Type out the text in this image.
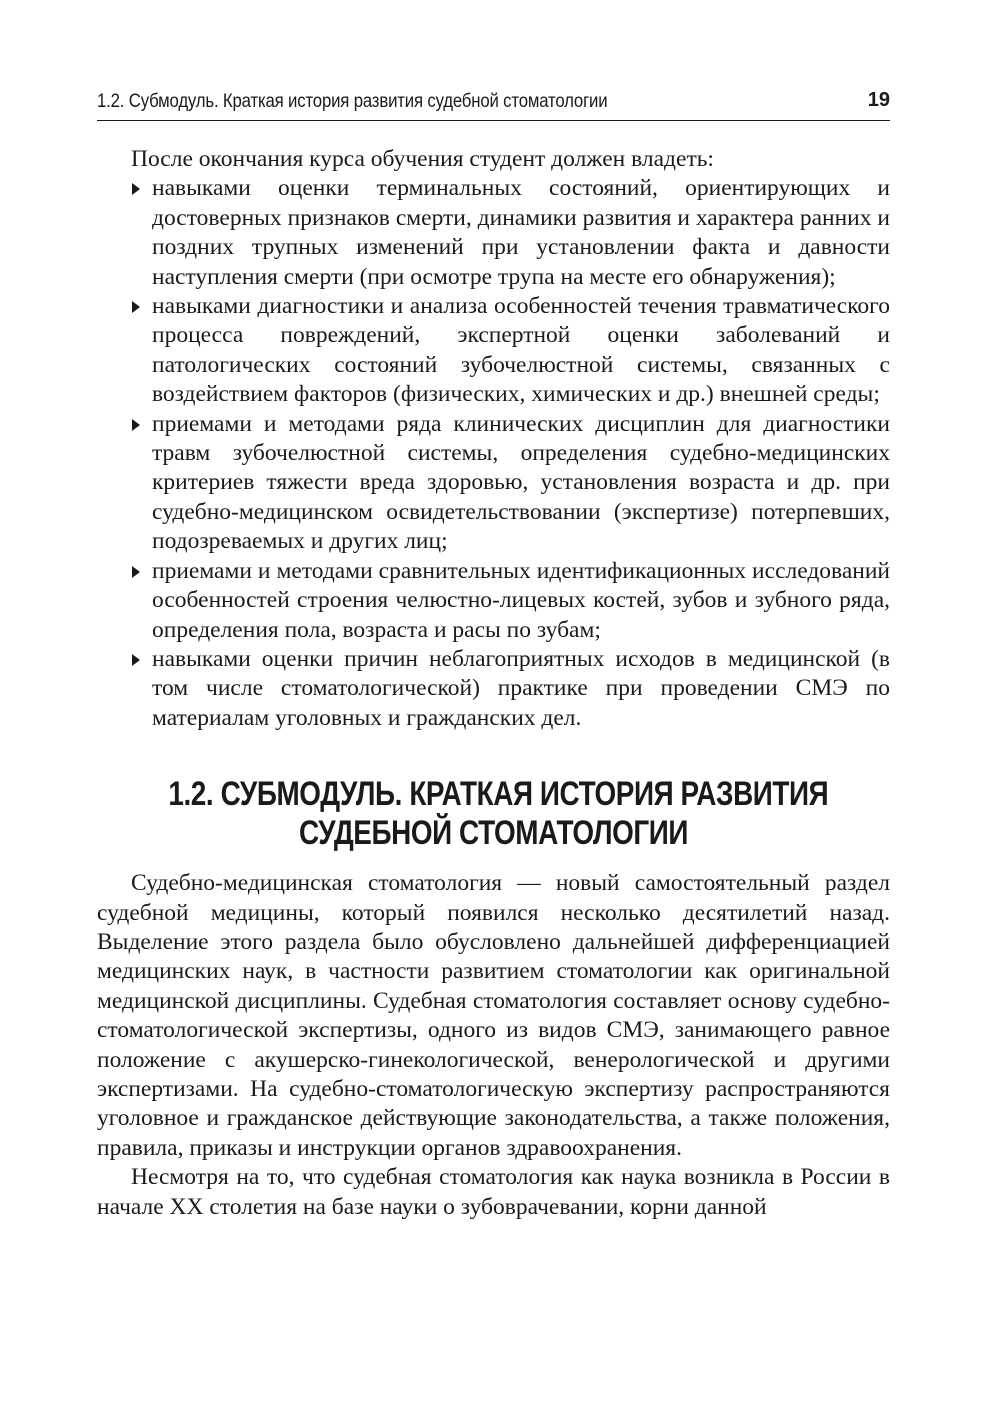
1.2. Субмодуль. Краткая история развития судебной стоматологии	19

После окончания курса обучения студент должен владеть:

навыками оценки терминальных состояний, ориентирующих и достоверных признаков смерти, динамики развития и характера ранних и поздних трупных изменений при установлении факта и давности наступления смерти (при осмотре трупа на месте его обнаружения);
навыками диагностики и анализа особенностей течения травматического процесса повреждений, экспертной оценки заболеваний и патологических состояний зубочелюстной системы, связанных с воздействием факторов (физических, химических и др.) внешней среды;
приемами и методами ряда клинических дисциплин для диагностики травм зубочелюстной системы, определения судебно-медицинских критериев тяжести вреда здоровью, установления возраста и др. при судебно-медицинском освидетельствовании (экспертизе) потерпевших, подозреваемых и других лиц;
приемами и методами сравнительных идентификационных исследований особенностей строения челюстно-лицевых костей, зубов и зубного ряда, определения пола, возраста и расы по зубам;
навыками оценки причин неблагоприятных исходов в медицинской (в том числе стоматологической) практике при проведении СМЭ по материалам уголовных и гражданских дел.
1.2. СУБМОДУЛЬ. КРАТКАЯ ИСТОРИЯ РАЗВИТИЯ
СУДЕБНОЙ СТОМАТОЛОГИИ

Судебно-медицинская стоматология — новый самостоятельный раздел судебной медицины, который появился несколько десятилетий назад. Выделение этого раздела было обусловлено дальнейшей дифференциацией медицинских наук, в частности развитием стоматологии как оригинальной медицинской дисциплины. Судебная стоматология составляет основу судебно-стоматологической экспертизы, одного из видов СМЭ, занимающего равное положение с акушерско-гинекологической, венерологической и другими экспертизами. На судебно-стоматологическую экспертизу распространяются уголовное и гражданское действующие законодательства, а также положения, правила, приказы и инструкции органов здравоохранения.

Несмотря на то, что судебная стоматология как наука возникла в России в начале XX столетия на базе науки о зубоврачевании, корни данной
